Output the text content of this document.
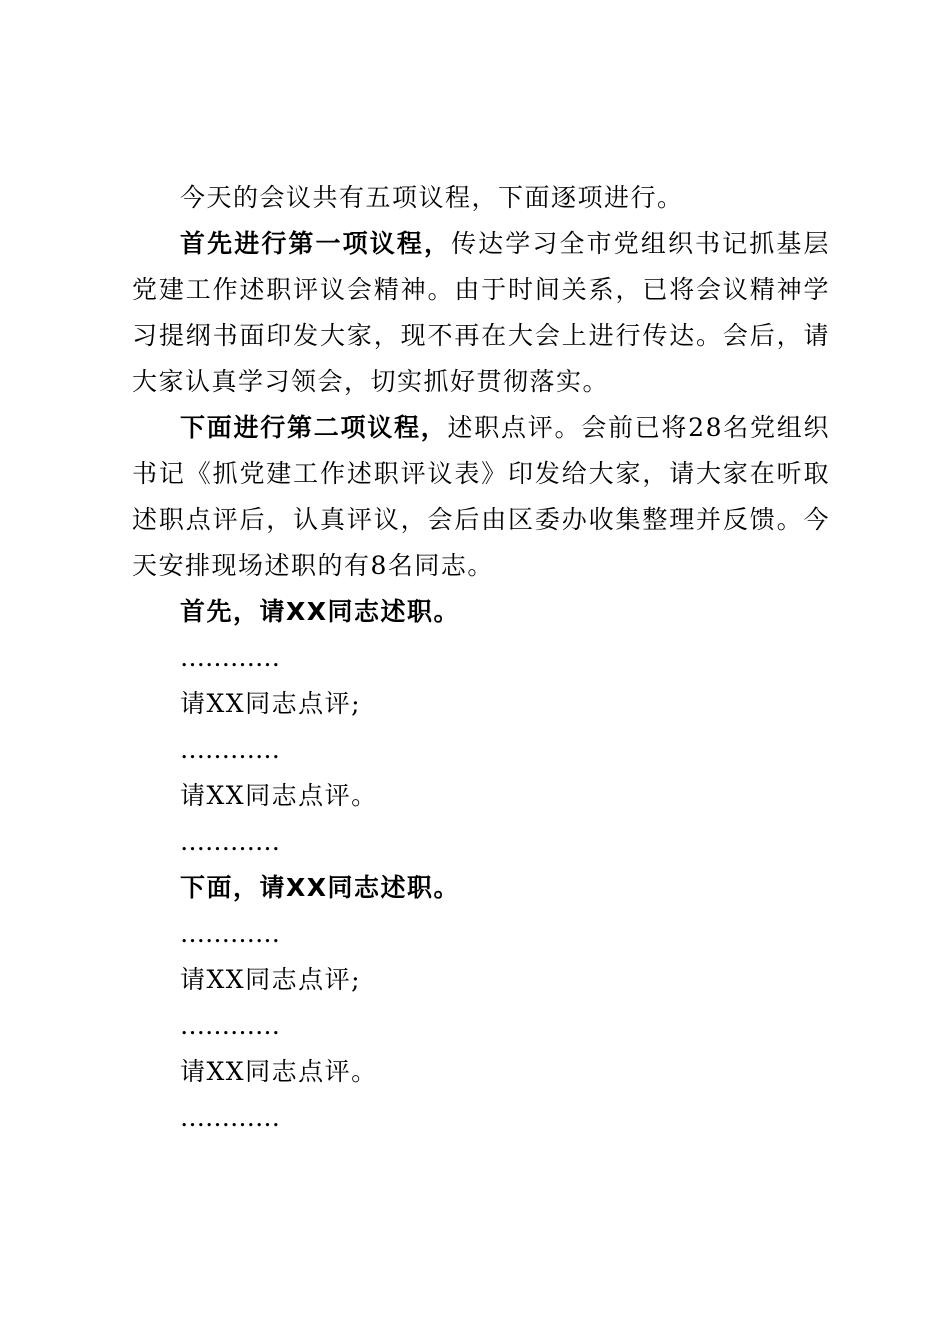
今天的会议共有五项议程，下面逐项进行。

首先进行第一项议程，传达学习全市党组织书记抓基层党建工作述职评议会精神。由于时间关系，已将会议精神学习提纲书面印发大家，现不再在大会上进行传达。会后，请大家认真学习领会，切实抓好贯彻落实。

下面进行第二项议程，述职点评。会前已将28名党组织书记《抓党建工作述职评议表》印发给大家，请大家在听取述职点评后，认真评议，会后由区委办收集整理并反馈。今天安排现场述职的有8名同志。

首先，请XX同志述职。

…………

请XX同志点评;

…………

请XX同志点评。

…………

下面，请XX同志述职。

…………

请XX同志点评;

…………

请XX同志点评。

…………
